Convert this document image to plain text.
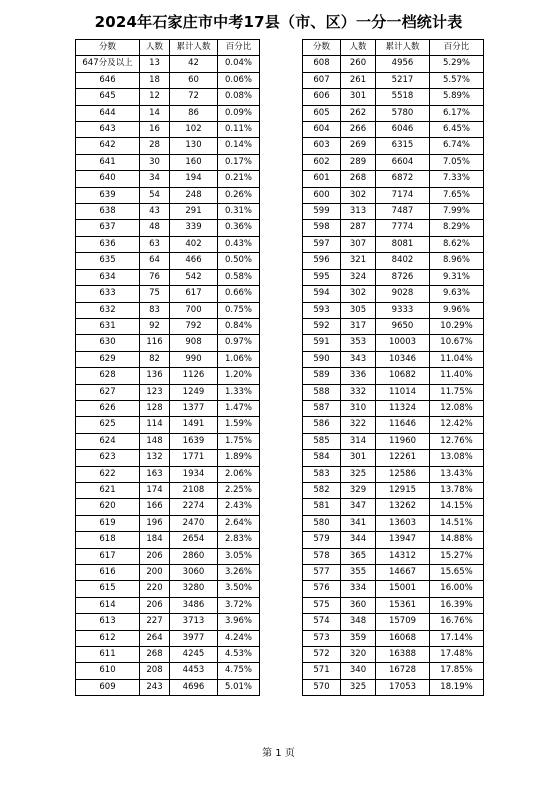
2024年石家庄市中考17县（市、区）一分一档统计表
分数	人数	累计人数	百分比
647分及以上	13	42	0.04%
646	18	60	0.06%
645	12	72	0.08%
644	14	86	0.09%
643	16	102	0.11%
642	28	130	0.14%
641	30	160	0.17%
640	34	194	0.21%
639	54	248	0.26%
638	43	291	0.31%
637	48	339	0.36%
636	63	402	0.43%
635	64	466	0.50%
634	76	542	0.58%
633	75	617	0.66%
632	83	700	0.75%
631	92	792	0.84%
630	116	908	0.97%
629	82	990	1.06%
628	136	1126	1.20%
627	123	1249	1.33%
626	128	1377	1.47%
625	114	1491	1.59%
624	148	1639	1.75%
623	132	1771	1.89%
622	163	1934	2.06%
621	174	2108	2.25%
620	166	2274	2.43%
619	196	2470	2.64%
618	184	2654	2.83%
617	206	2860	3.05%
616	200	3060	3.26%
615	220	3280	3.50%
614	206	3486	3.72%
613	227	3713	3.96%
612	264	3977	4.24%
611	268	4245	4.53%
610	208	4453	4.75%
609	243	4696	5.01%
分数	人数	累计人数	百分比
608	260	4956	5.29%
607	261	5217	5.57%
606	301	5518	5.89%
605	262	5780	6.17%
604	266	6046	6.45%
603	269	6315	6.74%
602	289	6604	7.05%
601	268	6872	7.33%
600	302	7174	7.65%
599	313	7487	7.99%
598	287	7774	8.29%
597	307	8081	8.62%
596	321	8402	8.96%
595	324	8726	9.31%
594	302	9028	9.63%
593	305	9333	9.96%
592	317	9650	10.29%
591	353	10003	10.67%
590	343	10346	11.04%
589	336	10682	11.40%
588	332	11014	11.75%
587	310	11324	12.08%
586	322	11646	12.42%
585	314	11960	12.76%
584	301	12261	13.08%
583	325	12586	13.43%
582	329	12915	13.78%
581	347	13262	14.15%
580	341	13603	14.51%
579	344	13947	14.88%
578	365	14312	15.27%
577	355	14667	15.65%
576	334	15001	16.00%
575	360	15361	16.39%
574	348	15709	16.76%
573	359	16068	17.14%
572	320	16388	17.48%
571	340	16728	17.85%
570	325	17053	18.19%
第 1 页
